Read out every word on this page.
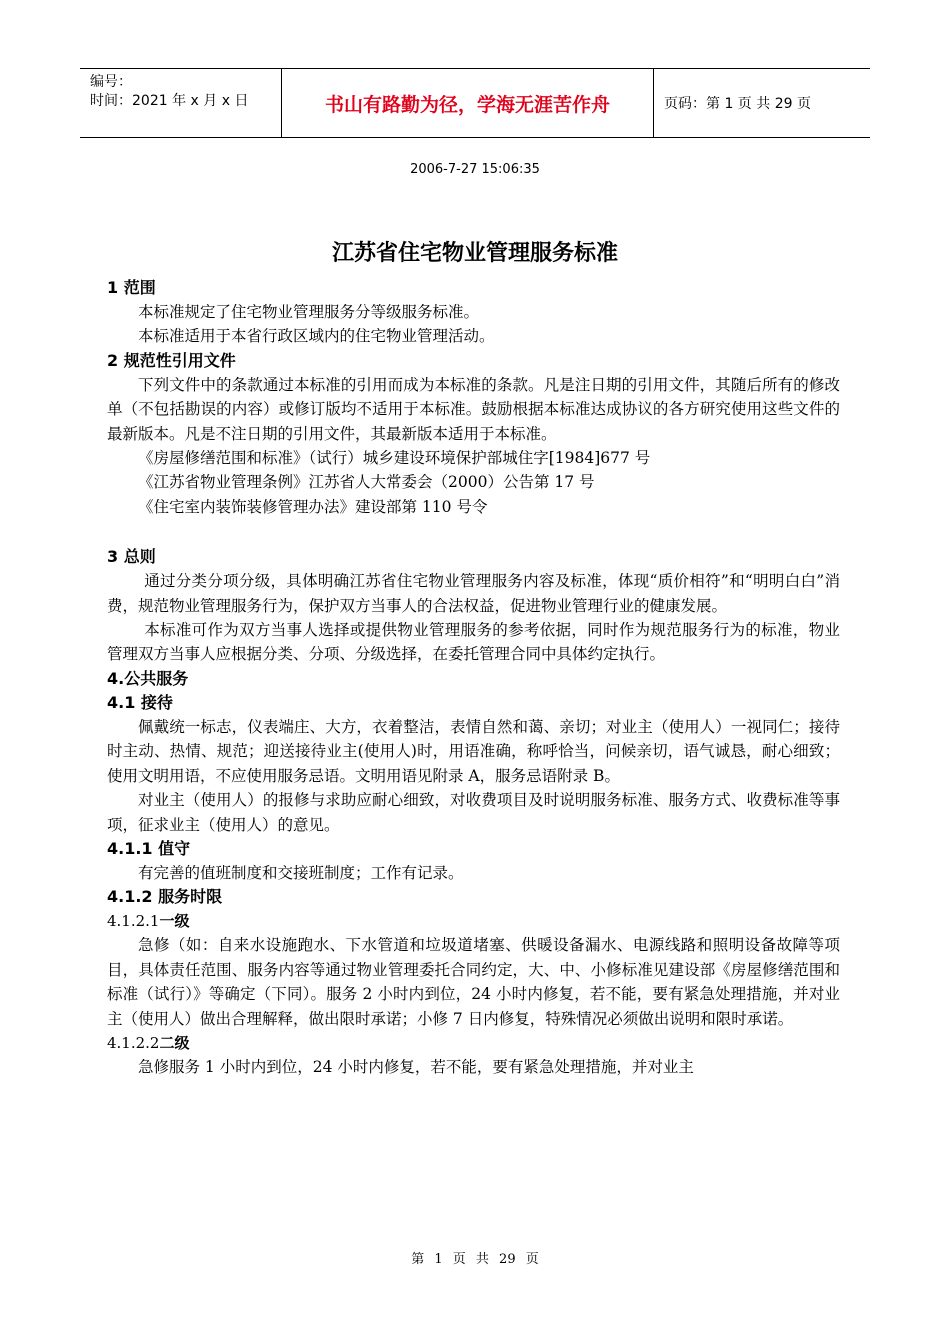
编号：
时间：2021 年 x 月 x 日	书山有路勤为径，学海无涯苦作舟	页码：第 1 页 共 29 页
2006-7-27 15:06:35
江苏省住宅物业管理服务标准
1 范围

本标准规定了住宅物业管理服务分等级服务标准。

本标准适用于本省行政区域内的住宅物业管理活动。

2 规范性引用文件

下列文件中的条款通过本标准的引用而成为本标准的条款。凡是注日期的引用文件，其随后所有的修改单（不包括勘误的内容）或修订版均不适用于本标准。鼓励根据本标准达成协议的各方研究使用这些文件的最新版本。凡是不注日期的引用文件，其最新版本适用于本标准。

《房屋修缮范围和标准》（试行）城乡建设环境保护部城住字[1984]677 号

《江苏省物业管理条例》江苏省人大常委会（2000）公告第 17 号

《住宅室内装饰装修管理办法》建设部第 110 号令

3 总则

通过分类分项分级，具体明确江苏省住宅物业管理服务内容及标准，体现“质价相符”和“明明白白”消费，规范物业管理服务行为，保护双方当事人的合法权益，促进物业管理行业的健康发展。

本标准可作为双方当事人选择或提供物业管理服务的参考依据，同时作为规范服务行为的标准，物业管理双方当事人应根据分类、分项、分级选择，在委托管理合同中具体约定执行。

4.公共服务
4.1 接待

佩戴统一标志，仪表端庄、大方，衣着整洁，表情自然和蔼、亲切；对业主（使用人）一视同仁；接待时主动、热情、规范；迎送接待业主(使用人)时，用语准确，称呼恰当，问候亲切，语气诚恳，耐心细致；使用文明用语，不应使用服务忌语。文明用语见附录 A，服务忌语附录 B。

对业主（使用人）的报修与求助应耐心细致，对收费项目及时说明服务标准、服务方式、收费标准等事项，征求业主（使用人）的意见。

4.1.1 值守

有完善的值班制度和交接班制度；工作有记录。

4.1.2 服务时限
4.1.2.1一级

急修（如：自来水设施跑水、下水管道和垃圾道堵塞、供暖设备漏水、电源线路和照明设备故障等项目，具体责任范围、服务内容等通过物业管理委托合同约定，大、中、小修标准见建设部《房屋修缮范围和标准（试行）》等确定（下同）。服务 2 小时内到位，24 小时内修复，若不能，要有紧急处理措施，并对业主（使用人）做出合理解释，做出限时承诺；小修 7 日内修复，特殊情况必须做出说明和限时承诺。

4.1.2.2二级

急修服务 1 小时内到位，24 小时内修复，若不能，要有紧急处理措施，并对业主

第 1 页 共 29 页
